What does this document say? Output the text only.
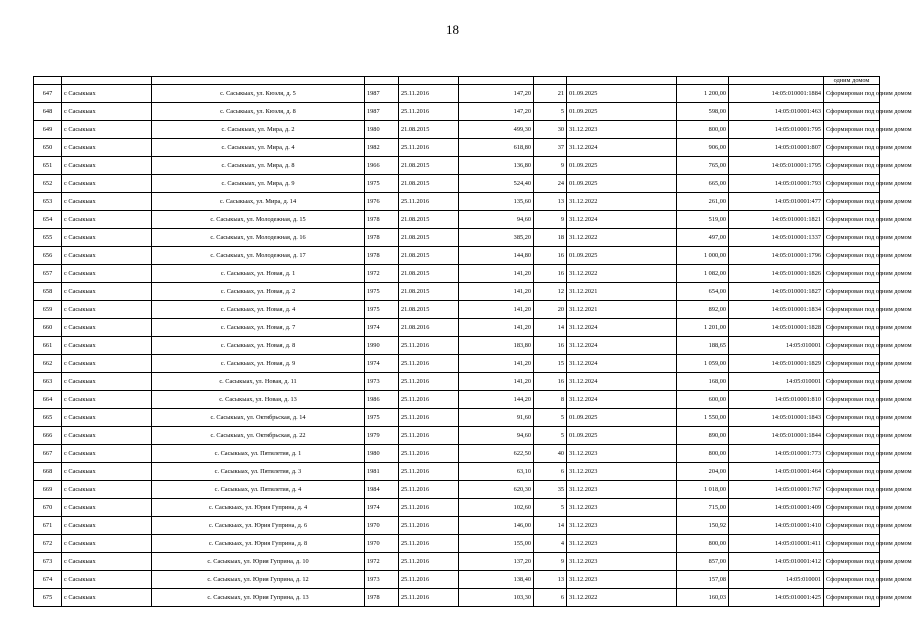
18
										одним домом
647	с Сасыкыах	с. Сасыкыах, ул. Кюэля, д. 5	1987	25.11.2016	147,20	21	01.09.2025	1 200,00	14:05:010001:1884	Сформирован под одним домом
648	с Сасыкыах	с. Сасыкыах, ул. Кюэля, д. 8	1987	25.11.2016	147,20	5	01.09.2025	598,00	14:05:010001:463	Сформирован под одним домом
649	с Сасыкыах	с. Сасыкыах, ул. Мира, д. 2	1980	21.08.2015	499,30	30	31.12.2023	800,00	14:05:010001:795	Сформирован под одним домом
650	с Сасыкыах	с. Сасыкыах, ул. Мира, д. 4	1982	25.11.2016	618,80	37	31.12.2024	906,00	14:05:010001:807	Сформирован под одним домом
651	с Сасыкыах	с. Сасыкыах, ул. Мира, д. 8	1966	21.08.2015	136,80	9	01.09.2025	765,00	14:05:010001:1795	Сформирован под одним домом
652	с Сасыкыах	с. Сасыкыах, ул. Мира, д. 9	1975	21.08.2015	524,40	24	01.09.2025	665,00	14:05:010001:793	Сформирован под одним домом
653	с Сасыкыах	с. Сасыкыах, ул. Мира, д. 14	1976	25.11.2016	135,60	13	31.12.2022	261,00	14:05:010001:477	Сформирован под одним домом
654	с Сасыкыах	с. Сасыкыах, ул. Молодежная, д. 15	1978	21.08.2015	94,60	9	31.12.2024	519,00	14:05:010001:1821	Сформирован под одним домом
655	с Сасыкыах	с. Сасыкыах, ул. Молодежная, д. 16	1978	21.08.2015	385,20	18	31.12.2022	497,00	14:05:010001:1337	Сформирован под одним домом
656	с Сасыкыах	с. Сасыкыах, ул. Молодежная, д. 17	1978	21.08.2015	144,80	16	01.09.2025	1 000,00	14:05:010001:1796	Сформирован под одним домом
657	с Сасыкыах	с. Сасыкыах, ул. Новая, д. 1	1972	21.08.2015	141,20	16	31.12.2022	1 082,00	14:05:010001:1826	Сформирован под одним домом
658	с Сасыкыах	с. Сасыкыах, ул. Новая, д. 2	1975	21.08.2015	141,20	12	31.12.2021	654,00	14:05:010001:1827	Сформирован под одним домом
659	с Сасыкыах	с. Сасыкыах, ул. Новая, д. 4	1975	21.08.2015	141,20	20	31.12.2021	892,00	14:05:010001:1834	Сформирован под одним домом
660	с Сасыкыах	с. Сасыкыах, ул. Новая, д. 7	1974	21.08.2016	141,20	14	31.12.2024	1 201,00	14:05:010001:1828	Сформирован под одним домом
661	с Сасыкыах	с. Сасыкыах, ул. Новая, д. 8	1990	25.11.2016	183,80	16	31.12.2024	188,65	14:05:010001	Сформирован под одним домом
662	с Сасыкыах	с. Сасыкыах, ул. Новая, д. 9	1974	25.11.2016	141,20	15	31.12.2024	1 059,00	14:05:010001:1829	Сформирован под одним домом
663	с Сасыкыах	с. Сасыкыах, ул. Новая, д. 11	1973	25.11.2016	141,20	16	31.12.2024	168,00	14:05:010001	Сформирован под одним домом
664	с Сасыкыах	с. Сасыкыах, ул. Новая, д. 13	1986	25.11.2016	144,20	8	31.12.2024	600,00	14:05:010001:810	Сформирован под одним домом
665	с Сасыкыах	с. Сасыкыах, ул. Октябрьская, д. 14	1975	25.11.2016	91,60	5	01.09.2025	1 550,00	14:05:010001:1843	Сформирован под одним домом
666	с Сасыкыах	с. Сасыкыах, ул. Октябрьская, д. 22	1979	25.11.2016	94,60	5	01.09.2025	890,00	14:05:010001:1844	Сформирован под одним домом
667	с Сасыкыах	с. Сасыкыах, ул. Пятилетия, д. 1	1980	25.11.2016	622,50	40	31.12.2023	800,00	14:05:010001:773	Сформирован под одним домом
668	с Сасыкыах	с. Сасыкыах, ул. Пятилетия, д. 3	1981	25.11.2016	63,10	6	31.12.2023	204,00	14:05:010001:464	Сформирован под одним домом
669	с Сасыкыах	с. Сасыкыах, ул. Пятилетия, д. 4	1984	25.11.2016	620,30	35	31.12.2023	1 018,00	14:05:010001:767	Сформирован под одним домом
670	с Сасыкыах	с. Сасыкыах, ул. Юрия Гуприна, д. 4	1974	25.11.2016	102,60	5	31.12.2023	715,00	14:05:010001:409	Сформирован под одним домом
671	с Сасыкыах	с. Сасыкыах, ул. Юрия Гуприна, д. 6	1970	25.11.2016	146,00	14	31.12.2023	150,92	14:05:010001:410	Сформирован под одним домом
672	с Сасыкыах	с. Сасыкыах, ул. Юрия Гуприна, д. 8	1970	25.11.2016	155,00	4	31.12.2023	800,00	14:05:010001:411	Сформирован под одним домом
673	с Сасыкыах	с. Сасыкыах, ул. Юрия Гуприна, д. 10	1972	25.11.2016	137,20	9	31.12.2023	857,00	14:05:010001:412	Сформирован под одним домом
674	с Сасыкыах	с. Сасыкыах, ул. Юрия Гуприна, д. 12	1973	25.11.2016	138,40	13	31.12.2023	157,08	14:05:010001	Сформирован под одним домом
675	с Сасыкыах	с. Сасыкыах, ул. Юрия Гуприна, д. 13	1978	25.11.2016	103,30	6	31.12.2022	160,03	14:05:010001:425	Сформирован под одним домом
